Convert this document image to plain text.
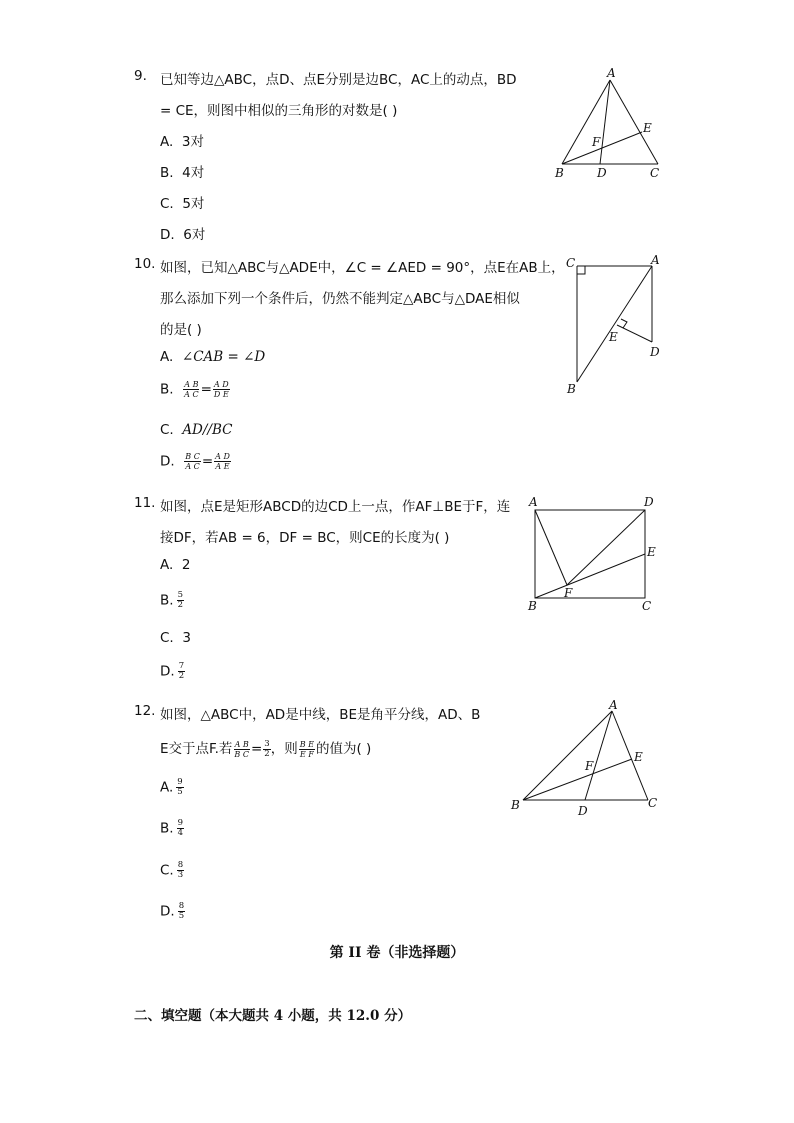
9. 已知等边△ABC，点D、点E分别是边BC，AC上的动点，BD
= CE，则图中相似的三角形的对数是( )
A. 3对
B. 4对
C. 5对
D. 6对
A
E
F
B	D	C
10. 如图，已知△ABC与△ADE中，∠C = ∠AED = 90°，点E在AB上，
那么添加下列一个条件后，仍然不能判定△ABC与△DAE相似
的是( )
A. ∠CAB = ∠D
B. $\frac{\text{A B}}{\text{A C}} = \frac{\text{A D}}{\text{D E}}$
C. AD//BC
D. $\frac{\text{B C}}{\text{A C}} = \frac{\text{A D}}{\text{A E}}$
C	A
E
D
B
11. 如图，点E是矩形ABCD的边CD上一点，作AF⊥BE于F，连
接DF，若AB = 6，DF = BC，则CE的长度为( )
A. 2
B. $\frac{5}{2}$
C. 3
D. $\frac{7}{2}$
A	D
E
B
F
C
12. 如图，△ABC中，AD是中线，BE是角平分线，AD、B
E交于点F.若 $\frac{\text{A B}}{\text{B C}} = \frac{3}{2}$ ，则 $\frac{\text{B E}}{\text{E F}}$ 的值为( )
A. $\frac{9}{5}$
B. $\frac{9}{4}$
C. $\frac{8}{3}$
D. $\frac{8}{5}$
A
E
F
B	D
C
第 II 卷（非选择题）
二、填空题（本大题共 4 小题，共 12.0 分）
